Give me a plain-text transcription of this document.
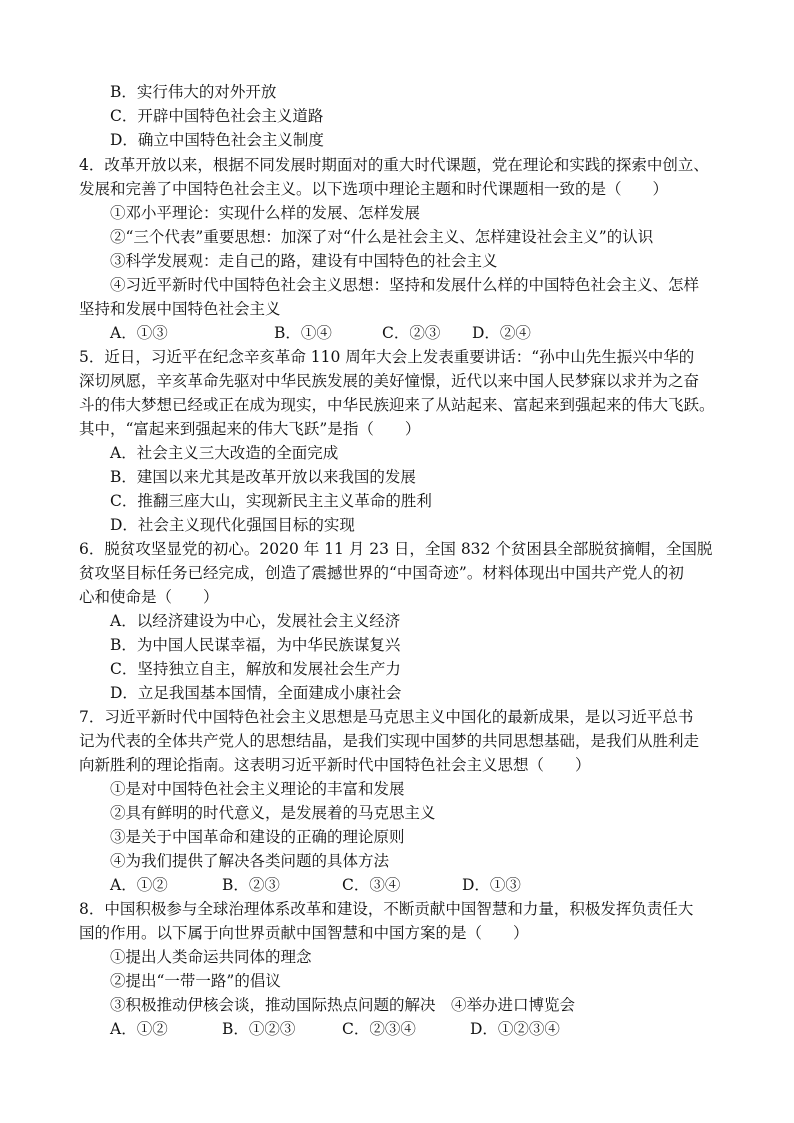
B．实行伟大的对外开放
C．开辟中国特色社会主义道路
D．确立中国特色社会主义制度
4．改革开放以来，根据不同发展时期面对的重大时代课题，党在理论和实践的探索中创立、
发展和完善了中国特色社会主义。以下选项中理论主题和时代课题相一致的是（　　）
①邓小平理论：实现什么样的发展、怎样发展
②“三个代表”重要思想：加深了对“什么是社会主义、怎样建设社会主义”的认识
③科学发展观：走自己的路，建设有中国特色的社会主义
④习近平新时代中国特色社会主义思想：坚持和发展什么样的中国特色社会主义、怎样
坚持和发展中国特色社会主义
A．①③	B．①④	C．②③ D．②④
5．近日，习近平在纪念辛亥革命 110 周年大会上发表重要讲话：“孙中山先生振兴中华的
深切夙愿，辛亥革命先驱对中华民族发展的美好憧憬，近代以来中国人民梦寐以求并为之奋
斗的伟大梦想已经或正在成为现实，中华民族迎来了从站起来、富起来到强起来的伟大飞跃。
其中，“富起来到强起来的伟大飞跃”是指（　　）
A．社会主义三大改造的全面完成
B．建国以来尤其是改革开放以来我国的发展
C．推翻三座大山，实现新民主主义革命的胜利
D．社会主义现代化强国目标的实现
6．脱贫攻坚显党的初心。2020 年 11 月 23 日，全国 832 个贫困县全部脱贫摘帽，全国脱
贫攻坚目标任务已经完成，创造了震撼世界的“中国奇迹”。材料体现出中国共产党人的初
心和使命是（　　）
A．以经济建设为中心，发展社会主义经济
B．为中国人民谋幸福，为中华民族谋复兴
C．坚持独立自主，解放和发展社会生产力
D．立足我国基本国情，全面建成小康社会
7．习近平新时代中国特色社会主义思想是马克思主义中国化的最新成果，是以习近平总书
记为代表的全体共产党人的思想结晶，是我们实现中国梦的共同思想基础，是我们从胜利走
向新胜利的理论指南。这表明习近平新时代中国特色社会主义思想（　　）
①是对中国特色社会主义理论的丰富和发展
②具有鲜明的时代意义，是发展着的马克思主义
③是关于中国革命和建设的正确的理论原则
④为我们提供了解决各类问题的具体方法
A．①②	B．②③	C．③④	D．①③
8．中国积极参与全球治理体系改革和建设，不断贡献中国智慧和力量，积极发挥负责任大
国的作用。以下属于向世界贡献中国智慧和中国方案的是（　　）
①提出人类命运共同体的理念
②提出“一带一路”的倡议
③积极推动伊核会谈，推动国际热点问题的解决　④举办进口博览会
A．①②	B．①②③	C．②③④	D．①②③④
